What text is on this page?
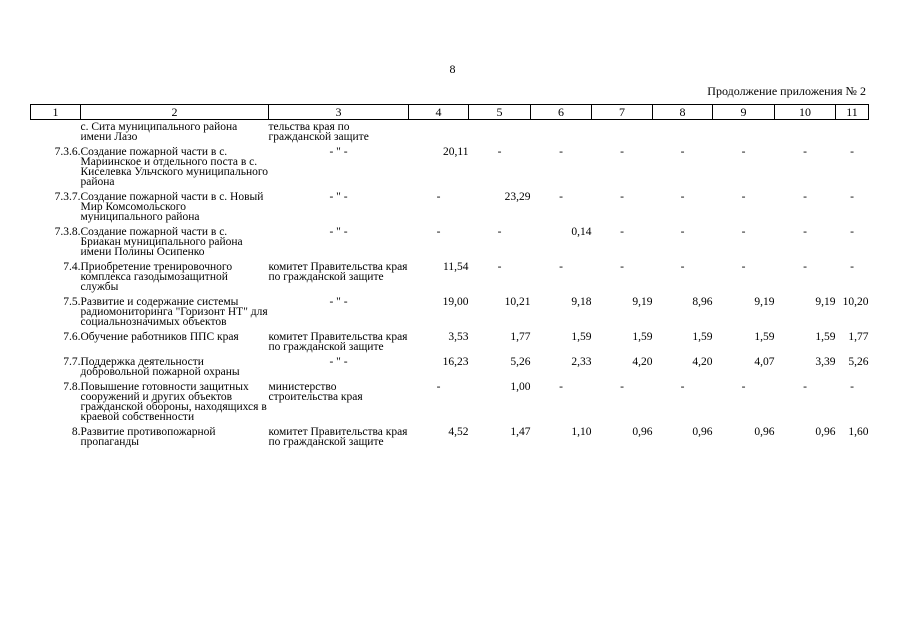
8
Продолжение приложения № 2
1	2	3	4	5	6	7	8	9	10	11
	с. Сита муниципального района имени Лазо	тельства края по гражданской защите								
7.3.6.	Создание пожарной части в с. Мариинское и отдельного поста в с. Киселевка Ульчского муниципального района	- " -	20,11	-	-	-	-	-	-	-
7.3.7.	Создание пожарной части в с. Новый Мир Комсомольского муниципального района	- " -	-	23,29	-	-	-	-	-	-
7.3.8.	Создание пожарной части в с. Бриакан муниципального района имени Полины Осипенко	- " -	-	-	0,14	-	-	-	-	-
7.4.	Приобретение тренировочного комплекса газодымозащитной службы	комитет Правительства края по гражданской защите	11,54	-	-	-	-	-	-	-
7.5.	Развитие и содержание системы радиомониторинга "Горизонт НТ" для социальнозначимых объектов	- " -	19,00	10,21	9,18	9,19	8,96	9,19	9,19	10,20
7.6.	Обучение работников ППС края	комитет Правительства края по гражданской защите	3,53	1,77	1,59	1,59	1,59	1,59	1,59	1,77
7.7.	Поддержка деятельности добровольной пожарной охраны	- " -	16,23	5,26	2,33	4,20	4,20	4,07	3,39	5,26
7.8.	Повышение готовности защитных сооружений и других объектов гражданской обороны, находящихся в краевой собственности	министерство строительства края	-	1,00	-	-	-	-	-	-
8.	Развитие противопожарной пропаганды	комитет Правительства края по гражданской защите	4,52	1,47	1,10	0,96	0,96	0,96	0,96	1,60
